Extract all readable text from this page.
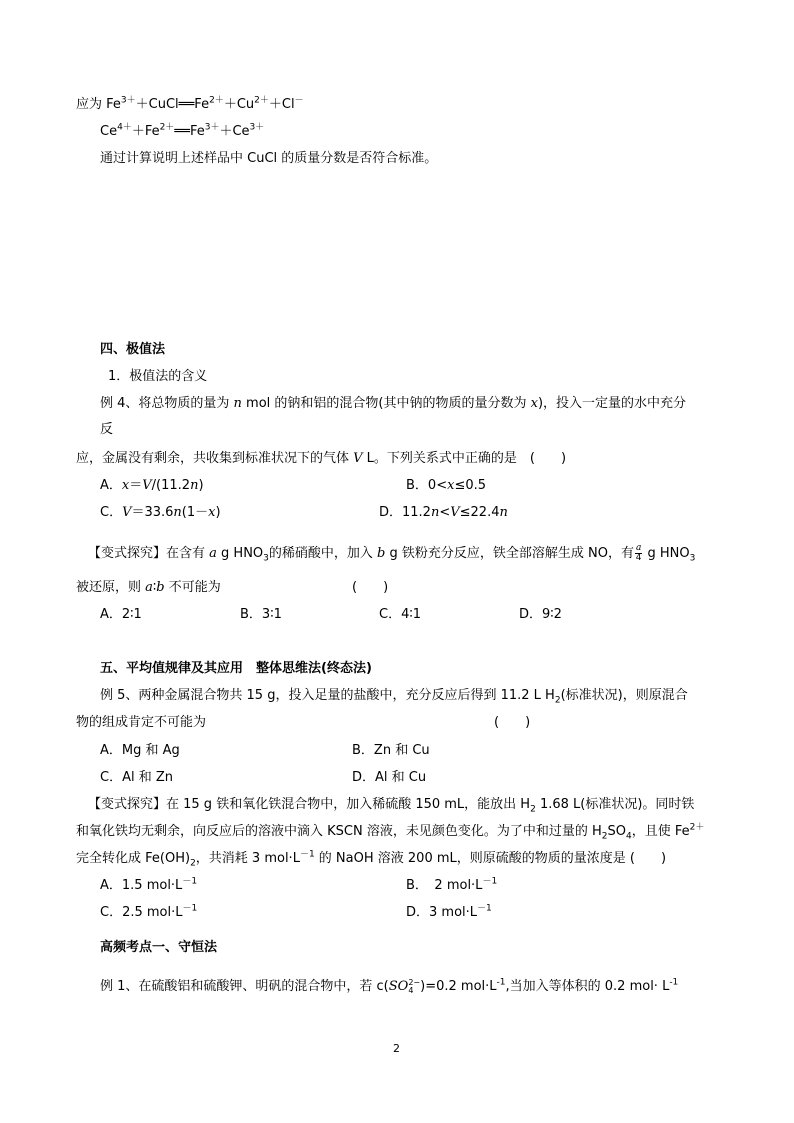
应为 $Fe^{3+}+CuCl══Fe^{2+}+Cu^{2+}+Cl^-$
$Ce^{4+}+Fe^{2+}══Fe^{3+}+Ce^{3+}$
通过计算说明上述样品中 CuCl 的质量分数是否符合标准。
四、极值法
1．极值法的含义
例 4、将总物质的量为 n mol 的钠和铝的混合物(其中钠的物质的量分数为 x)，投入一定量的水中充分
反
应，金属没有剩余，共收集到标准状况下的气体 V L。下列关系式中正确的是　(　　)
A．x＝V/(11.2n)	B．0<x≤0.5
C．V＝33.6n(1－x)	D．11.2n<V≤22.4n
【变式探究】在含有 a g $HNO_3$的稀硝酸中，加入 b g 铁粉充分反应，铁全部溶解生成 NO，有 $\frac{a}{4}$ g $HNO_3$
被还原，则 a∶b 不可能为	(　　)
A．2∶1	B．3∶1	C．4∶1	D．9∶2
五、平均值规律及其应用　整体思维法(终态法)
例 5、两种金属混合物共 15 g，投入足量的盐酸中，充分反应后得到 11.2 L $H_2$(标准状况)，则原混合
物的组成肯定不可能为	(　　)
A．Mg 和 Ag	B．Zn 和 Cu
C．Al 和 Zn	D．Al 和 Cu
【变式探究】在 15 g 铁和氧化铁混合物中，加入稀硫酸 150 mL，能放出 $H_2$ 1.68 L(标准状况)。同时铁
和氧化铁均无剩余，向反应后的溶液中滴入 KSCN 溶液，未见颜色变化。为了中和过量的 $H_2SO_4$，且使 $Fe^{2+}$
完全转化成 $Fe(OH)_2$，共消耗 3 $mol\cdot L^{-1}$ 的 NaOH 溶液 200 mL，则原硫酸的物质的量浓度是 (　　)
A．1.5 $mol\cdot L^{-1}$	B．　2 $mol\cdot L^{-1}$
C．2.5 $mol\cdot L^{-1}$	D．3 $mol\cdot L^{-1}$
高频考点一、守恒法
例 1、在硫酸铝和硫酸钾、明矾的混合物中，若 c(SO 2−
4 )=0.2 $mol\cdot L^{-1}$,当加入等体积的 0.2 $mol\cdot L^{-1}$
2
